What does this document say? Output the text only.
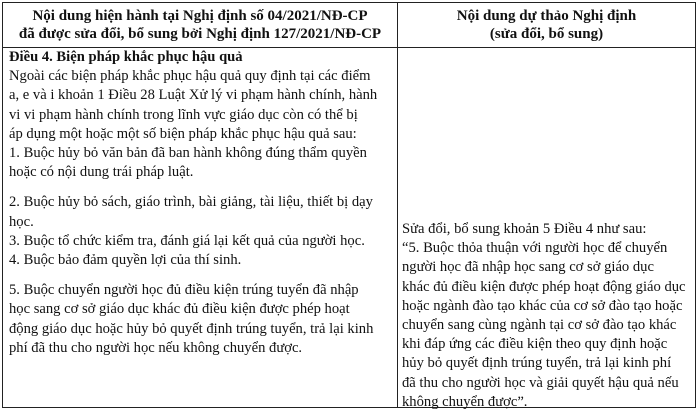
Nội dung hiện hành tại Nghị định số 04/2021/NĐ-CP
đã được sửa đổi, bổ sung bởi Nghị định 127/2021/NĐ-CP
Nội dung dự thảo Nghị định
(sửa đổi, bổ sung)
Điều 4. Biện pháp khắc phục hậu quả
Ngoài các biện pháp khắc phục hậu quả quy định tại các điểm
a, e và i khoản 1 Điều 28 Luật Xử lý vi phạm hành chính, hành
vi vi phạm hành chính trong lĩnh vực giáo dục còn có thể bị
áp dụng một hoặc một số biện pháp khắc phục hậu quả sau:
1. Buộc hủy bỏ văn bản đã ban hành không đúng thẩm quyền
hoặc có nội dung trái pháp luật.
2. Buộc hủy bỏ sách, giáo trình, bài giảng, tài liệu, thiết bị dạy
học.
3. Buộc tổ chức kiểm tra, đánh giá lại kết quả của người học.
4. Buộc bảo đảm quyền lợi của thí sinh.
5. Buộc chuyển người học đủ điều kiện trúng tuyển đã nhập
học sang cơ sở giáo dục khác đủ điều kiện được phép hoạt
động giáo dục hoặc hủy bỏ quyết định trúng tuyển, trả lại kinh
phí đã thu cho người học nếu không chuyển được.
Sửa đổi, bổ sung khoản 5 Điều 4 như sau:
“5. Buộc thỏa thuận với người học để chuyển
người học đã nhập học sang cơ sở giáo dục
khác đủ điều kiện được phép hoạt động giáo dục
hoặc ngành đào tạo khác của cơ sở đào tạo hoặc
chuyển sang cùng ngành tại cơ sở đào tạo khác
khi đáp ứng các điều kiện theo quy định hoặc
hủy bỏ quyết định trúng tuyển, trả lại kinh phí
đã thu cho người học và giải quyết hậu quả nếu
không chuyển được”.
